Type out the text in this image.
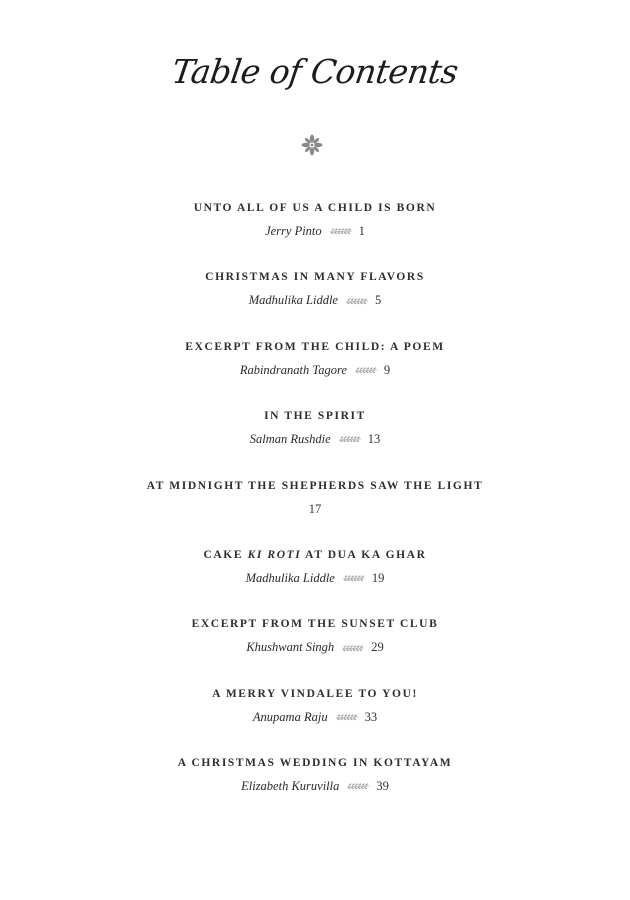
Table of Contents
UNTO ALL OF US A CHILD IS BORN
Jerry Pinto	1
CHRISTMAS IN MANY FLAVORS
Madhulika Liddle	5
EXCERPT FROM THE CHILD: A POEM
Rabindranath Tagore	9
IN THE SPIRIT
Salman Rushdie	13
AT MIDNIGHT THE SHEPHERDS SAW THE LIGHT
17
CAKE KI ROTI AT DUA KA GHAR
Madhulika Liddle	19
EXCERPT FROM THE SUNSET CLUB
Khushwant Singh	29
A MERRY VINDALEE TO YOU!
Anupama Raju	33
A CHRISTMAS WEDDING IN KOTTAYAM
Elizabeth Kuruvilla	39
